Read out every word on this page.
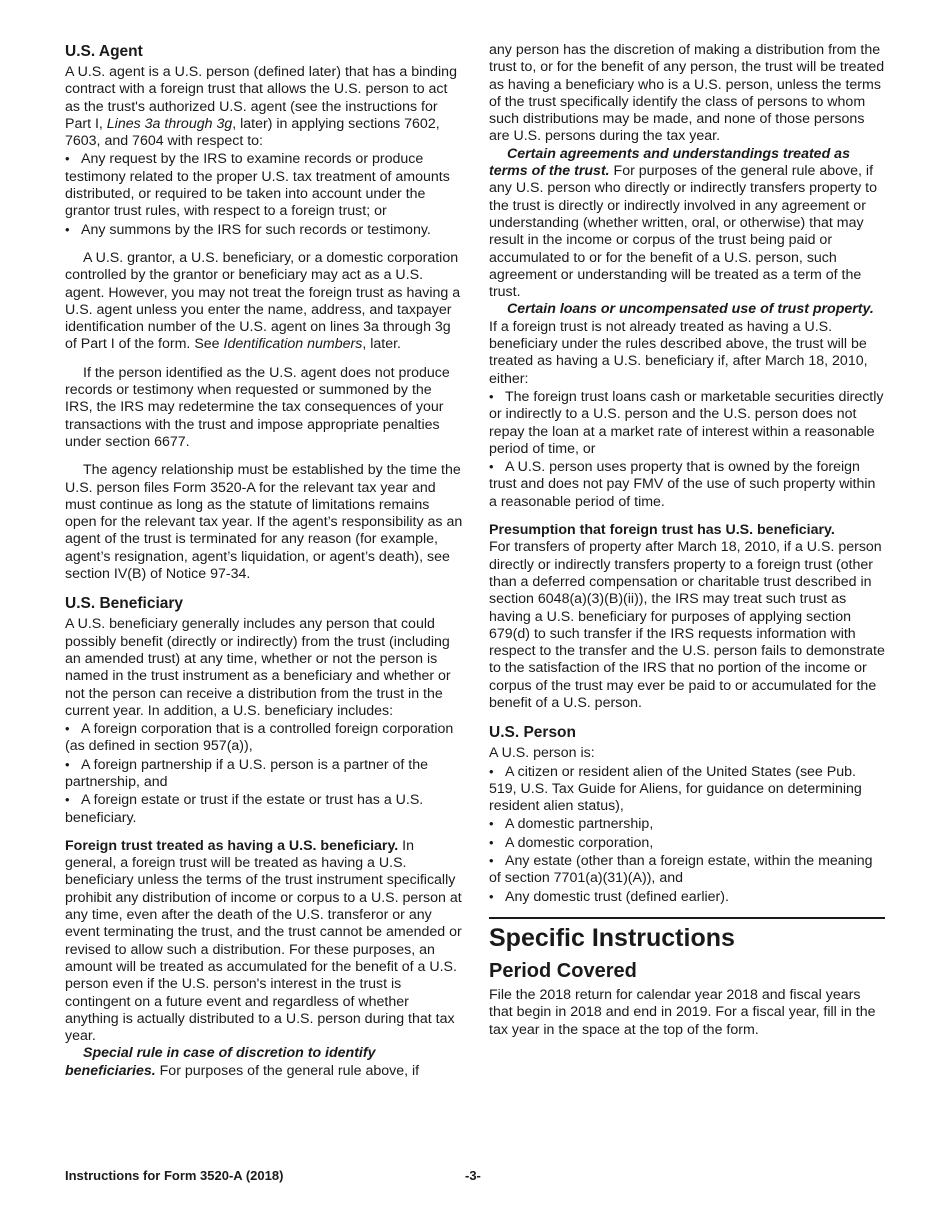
U.S. Agent

A U.S. agent is a U.S. person (defined later) that has a binding contract with a foreign trust that allows the U.S. person to act as the trust's authorized U.S. agent (see the instructions for Part I, Lines 3a through 3g, later) in applying sections 7602, 7603, and 7604 with respect to:

• Any request by the IRS to examine records or produce testimony related to the proper U.S. tax treatment of amounts distributed, or required to be taken into account under the grantor trust rules, with respect to a foreign trust; or

• Any summons by the IRS for such records or testimony.

A U.S. grantor, a U.S. beneficiary, or a domestic corporation controlled by the grantor or beneficiary may act as a U.S. agent. However, you may not treat the foreign trust as having a U.S. agent unless you enter the name, address, and taxpayer identification number of the U.S. agent on lines 3a through 3g of Part I of the form. See Identification numbers, later.

If the person identified as the U.S. agent does not produce records or testimony when requested or summoned by the IRS, the IRS may redetermine the tax consequences of your transactions with the trust and impose appropriate penalties under section 6677.

The agency relationship must be established by the time the U.S. person files Form 3520-A for the relevant tax year and must continue as long as the statute of limitations remains open for the relevant tax year. If the agent’s responsibility as an agent of the trust is terminated for any reason (for example, agent’s resignation, agent’s liquidation, or agent’s death), see section IV(B) of Notice 97-34.

U.S. Beneficiary

A U.S. beneficiary generally includes any person that could possibly benefit (directly or indirectly) from the trust (including an amended trust) at any time, whether or not the person is named in the trust instrument as a beneficiary and whether or not the person can receive a distribution from the trust in the current year. In addition, a U.S. beneficiary includes:

• A foreign corporation that is a controlled foreign corporation (as defined in section 957(a)),

• A foreign partnership if a U.S. person is a partner of the partnership, and

• A foreign estate or trust if the estate or trust has a U.S. beneficiary.

Foreign trust treated as having a U.S. beneficiary. In general, a foreign trust will be treated as having a U.S. beneficiary unless the terms of the trust instrument specifically prohibit any distribution of income or corpus to a U.S. person at any time, even after the death of the U.S. transferor or any event terminating the trust, and the trust cannot be amended or revised to allow such a distribution. For these purposes, an amount will be treated as accumulated for the benefit of a U.S. person even if the U.S. person's interest in the trust is contingent on a future event and regardless of whether anything is actually distributed to a U.S. person during that tax year.

Special rule in case of discretion to identify beneficiaries. For purposes of the general rule above, if

any person has the discretion of making a distribution from the trust to, or for the benefit of any person, the trust will be treated as having a beneficiary who is a U.S. person, unless the terms of the trust specifically identify the class of persons to whom such distributions may be made, and none of those persons are U.S. persons during the tax year.

Certain agreements and understandings treated as terms of the trust. For purposes of the general rule above, if any U.S. person who directly or indirectly transfers property to the trust is directly or indirectly involved in any agreement or understanding (whether written, oral, or otherwise) that may result in the income or corpus of the trust being paid or accumulated to or for the benefit of a U.S. person, such agreement or understanding will be treated as a term of the trust.

Certain loans or uncompensated use of trust property. If a foreign trust is not already treated as having a U.S. beneficiary under the rules described above, the trust will be treated as having a U.S. beneficiary if, after March 18, 2010, either:

• The foreign trust loans cash or marketable securities directly or indirectly to a U.S. person and the U.S. person does not repay the loan at a market rate of interest within a reasonable period of time, or

• A U.S. person uses property that is owned by the foreign trust and does not pay FMV of the use of such property within a reasonable period of time.

Presumption that foreign trust has U.S. beneficiary.

For transfers of property after March 18, 2010, if a U.S. person directly or indirectly transfers property to a foreign trust (other than a deferred compensation or charitable trust described in section 6048(a)(3)(B)(ii)), the IRS may treat such trust as having a U.S. beneficiary for purposes of applying section 679(d) to such transfer if the IRS requests information with respect to the transfer and the U.S. person fails to demonstrate to the satisfaction of the IRS that no portion of the income or corpus of the trust may ever be paid to or accumulated for the benefit of a U.S. person.

U.S. Person

A U.S. person is:

• A citizen or resident alien of the United States (see Pub. 519, U.S. Tax Guide for Aliens, for guidance on determining resident alien status),

• A domestic partnership,

• A domestic corporation,

• Any estate (other than a foreign estate, within the meaning of section 7701(a)(31)(A)), and

• Any domestic trust (defined earlier).

Specific Instructions
Period Covered

File the 2018 return for calendar year 2018 and fiscal years that begin in 2018 and end in 2019. For a fiscal year, fill in the tax year in the space at the top of the form.

Instructions for Form 3520-A (2018)	-3-
